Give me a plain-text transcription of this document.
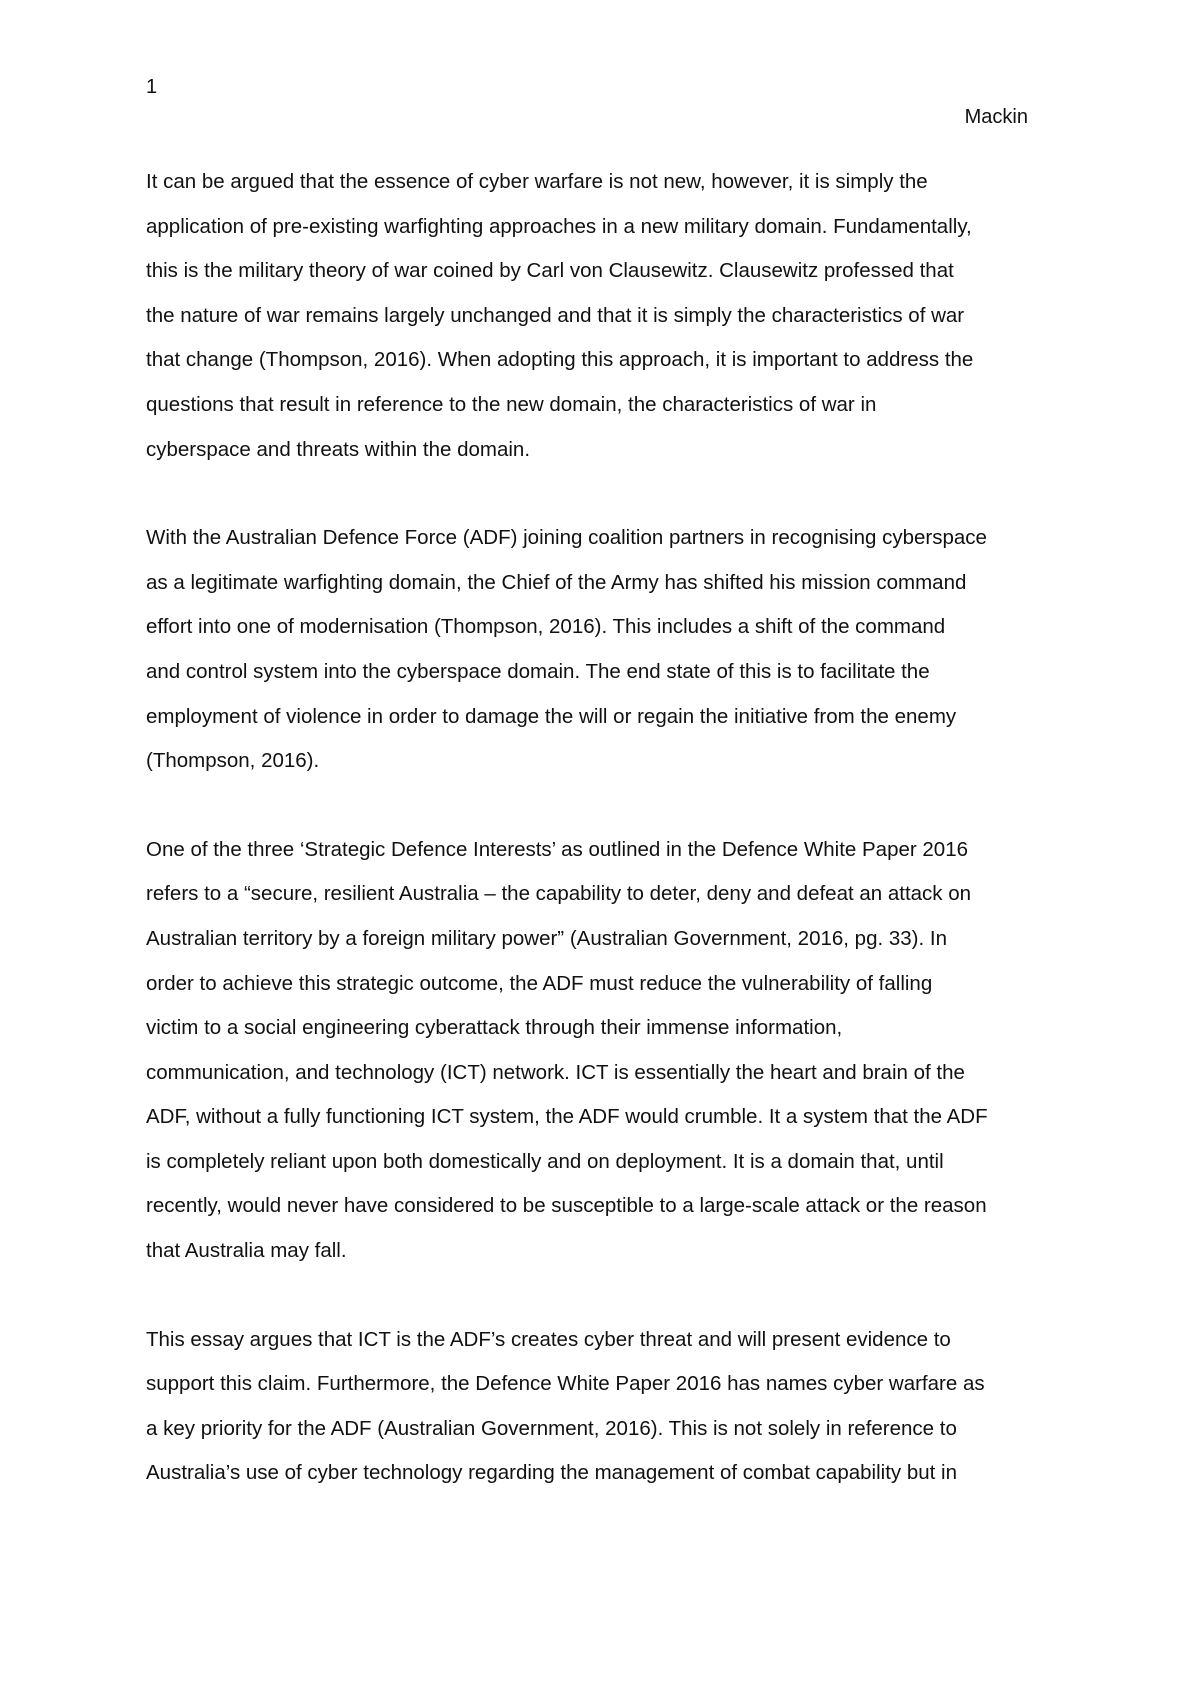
1
Mackin
It can be argued that the essence of cyber warfare is not new, however, it is simply the
application of pre-existing warfighting approaches in a new military domain. Fundamentally,
this is the military theory of war coined by Carl von Clausewitz. Clausewitz professed that
the nature of war remains largely unchanged and that it is simply the characteristics of war
that change (Thompson, 2016). When adopting this approach, it is important to address the
questions that result in reference to the new domain, the characteristics of war in
cyberspace and threats within the domain.
With the Australian Defence Force (ADF) joining coalition partners in recognising cyberspace
as a legitimate warfighting domain, the Chief of the Army has shifted his mission command
effort into one of modernisation (Thompson, 2016). This includes a shift of the command
and control system into the cyberspace domain. The end state of this is to facilitate the
employment of violence in order to damage the will or regain the initiative from the enemy
(Thompson, 2016).
One of the three ‘Strategic Defence Interests’ as outlined in the Defence White Paper 2016
refers to a “secure, resilient Australia – the capability to deter, deny and defeat an attack on
Australian territory by a foreign military power” (Australian Government, 2016, pg. 33). In
order to achieve this strategic outcome, the ADF must reduce the vulnerability of falling
victim to a social engineering cyberattack through their immense information,
communication, and technology (ICT) network. ICT is essentially the heart and brain of the
ADF, without a fully functioning ICT system, the ADF would crumble. It a system that the ADF
is completely reliant upon both domestically and on deployment. It is a domain that, until
recently, would never have considered to be susceptible to a large-scale attack or the reason
that Australia may fall.
This essay argues that ICT is the ADF’s creates cyber threat and will present evidence to
support this claim. Furthermore, the Defence White Paper 2016 has names cyber warfare as
a key priority for the ADF (Australian Government, 2016). This is not solely in reference to
Australia’s use of cyber technology regarding the management of combat capability but in
